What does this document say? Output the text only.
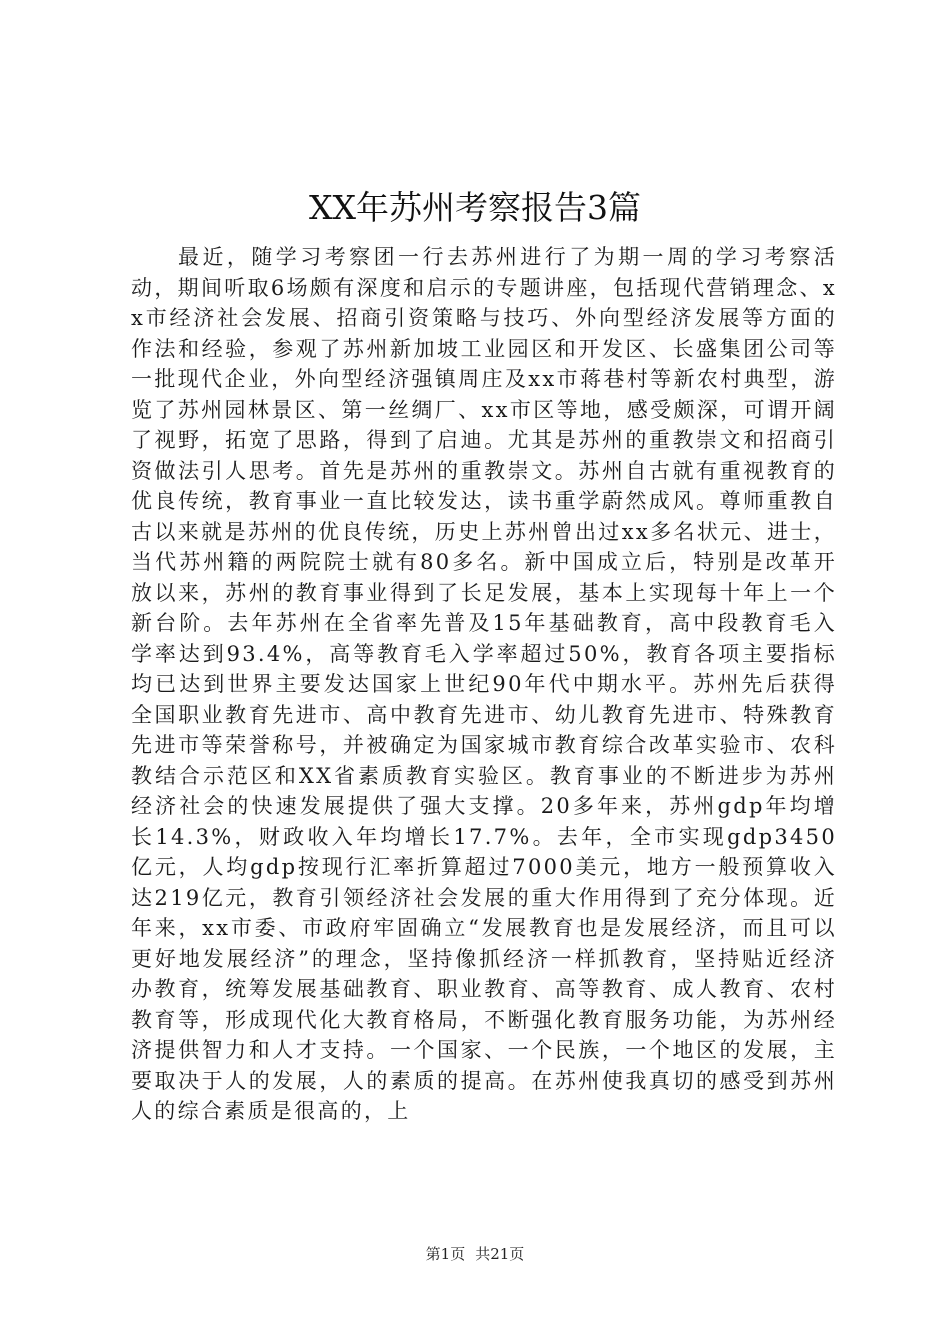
XX年苏州考察报告3篇

最近，随学习考察团一行去苏州进行了为期一周的学习考察活动，期间听取6场颇有深度和启示的专题讲座，包括现代营销理念、xx市经济社会发展、招商引资策略与技巧、外向型经济发展等方面的作法和经验，参观了苏州新加坡工业园区和开发区、长盛集团公司等一批现代企业，外向型经济强镇周庄及xx市蒋巷村等新农村典型，游览了苏州园林景区、第一丝绸厂、xx市区等地，感受颇深，可谓开阔了视野，拓宽了思路，得到了启迪。尤其是苏州的重教崇文和招商引资做法引人思考。首先是苏州的重教崇文。苏州自古就有重视教育的优良传统，教育事业一直比较发达，读书重学蔚然成风。尊师重教自古以来就是苏州的优良传统，历史上苏州曾出过xx多名状元、进士，当代苏州籍的两院院士就有80多名。新中国成立后，特别是改革开放以来，苏州的教育事业得到了长足发展，基本上实现每十年上一个新台阶。去年苏州在全省率先普及15年基础教育，高中段教育毛入学率达到93.4%，高等教育毛入学率超过50%，教育各项主要指标均已达到世界主要发达国家上世纪90年代中期水平。苏州先后获得全国职业教育先进市、高中教育先进市、幼儿教育先进市、特殊教育先进市等荣誉称号，并被确定为国家城市教育综合改革实验市、农科教结合示范区和XX省素质教育实验区。教育事业的不断进步为苏州经济社会的快速发展提供了强大支撑。20多年来，苏州gdp年均增长14.3%，财政收入年均增长17.7%。去年，全市实现gdp3450亿元，人均gdp按现行汇率折算超过7000美元，地方一般预算收入达219亿元，教育引领经济社会发展的重大作用得到了充分体现。近年来，xx市委、市政府牢固确立“发展教育也是发展经济，而且可以更好地发展经济”的理念，坚持像抓经济一样抓教育，坚持贴近经济办教育，统筹发展基础教育、职业教育、高等教育、成人教育、农村教育等，形成现代化大教育格局，不断强化教育服务功能，为苏州经济提供智力和人才支持。一个国家、一个民族，一个地区的发展，主要取决于人的发展，人的素质的提高。在苏州使我真切的感受到苏州人的综合素质是很高的，上

第1页 共21页
